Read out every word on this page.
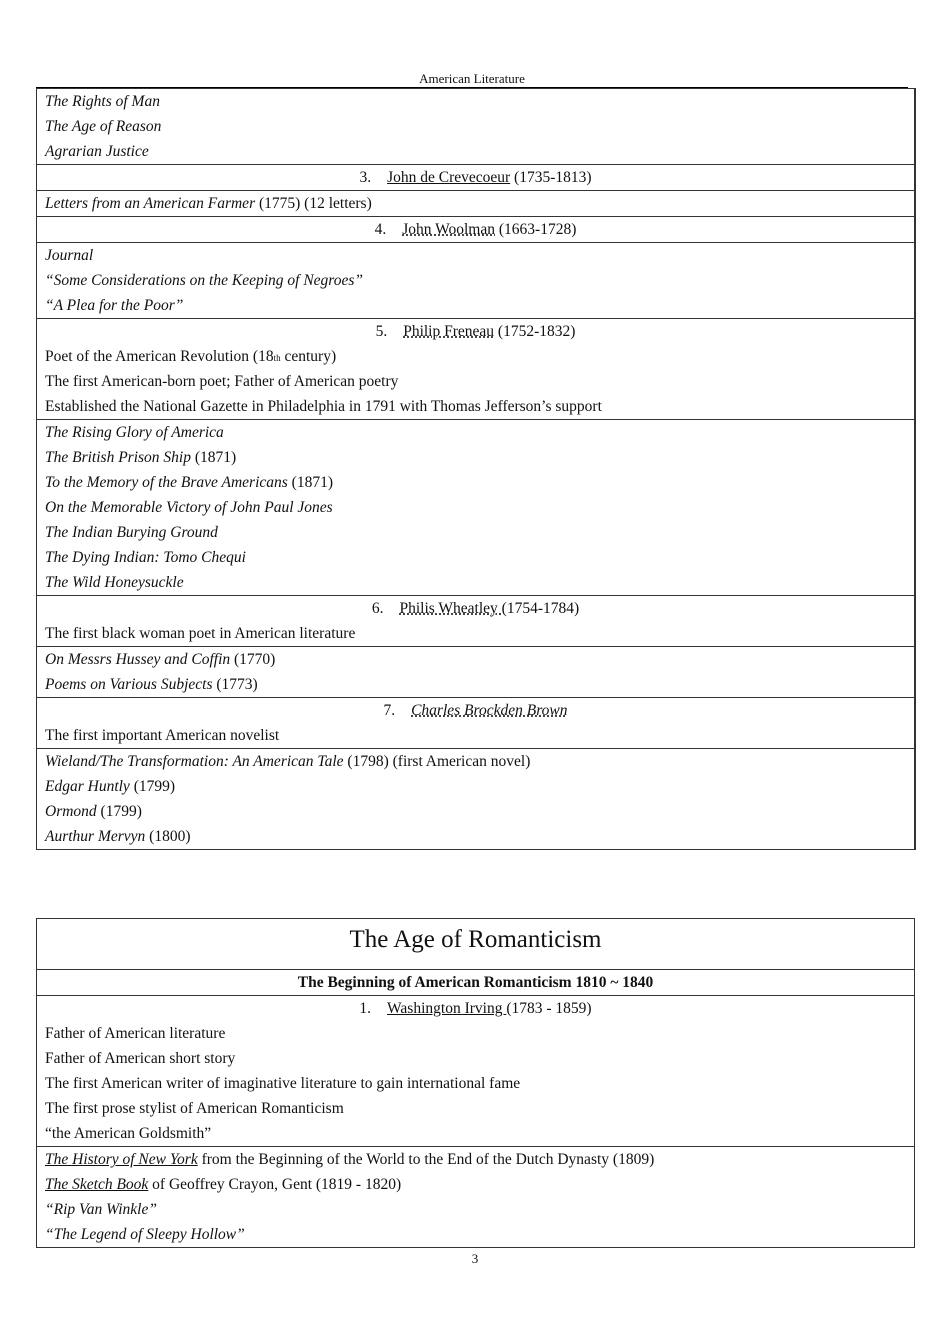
American Literature
The Rights of Man
The Age of Reason
Agrarian Justice
3. John de Crevecoeur (1735-1813)
Letters from an American Farmer (1775) (12 letters)
4. John Woolman (1663-1728)
Journal
“Some Considerations on the Keeping of Negroes”
“A Plea for the Poor”
5. Philip Freneau (1752-1832)
Poet of the American Revolution (18th century)
The first American-born poet; Father of American poetry
Established the National Gazette in Philadelphia in 1791 with Thomas Jefferson’s support
The Rising Glory of America
The British Prison Ship (1871)
To the Memory of the Brave Americans (1871)
On the Memorable Victory of John Paul Jones
The Indian Burying Ground
The Dying Indian: Tomo Chequi
The Wild Honeysuckle
6. Philis Wheatley (1754-1784)
The first black woman poet in American literature
On Messrs Hussey and Coffin (1770)
Poems on Various Subjects (1773)
7. Charles Brockden Brown
The first important American novelist
Wieland/The Transformation: An American Tale (1798) (first American novel)
Edgar Huntly (1799)
Ormond (1799)
Aurthur Mervyn (1800)
The Age of Romanticism
The Beginning of American Romanticism 1810 ~ 1840
1. Washington Irving (1783 - 1859)
Father of American literature
Father of American short story
The first American writer of imaginative literature to gain international fame
The first prose stylist of American Romanticism
“the American Goldsmith”
The History of New York from the Beginning of the World to the End of the Dutch Dynasty (1809)
The Sketch Book of Geoffrey Crayon, Gent (1819 - 1820)
“Rip Van Winkle”
“The Legend of Sleepy Hollow”
3
